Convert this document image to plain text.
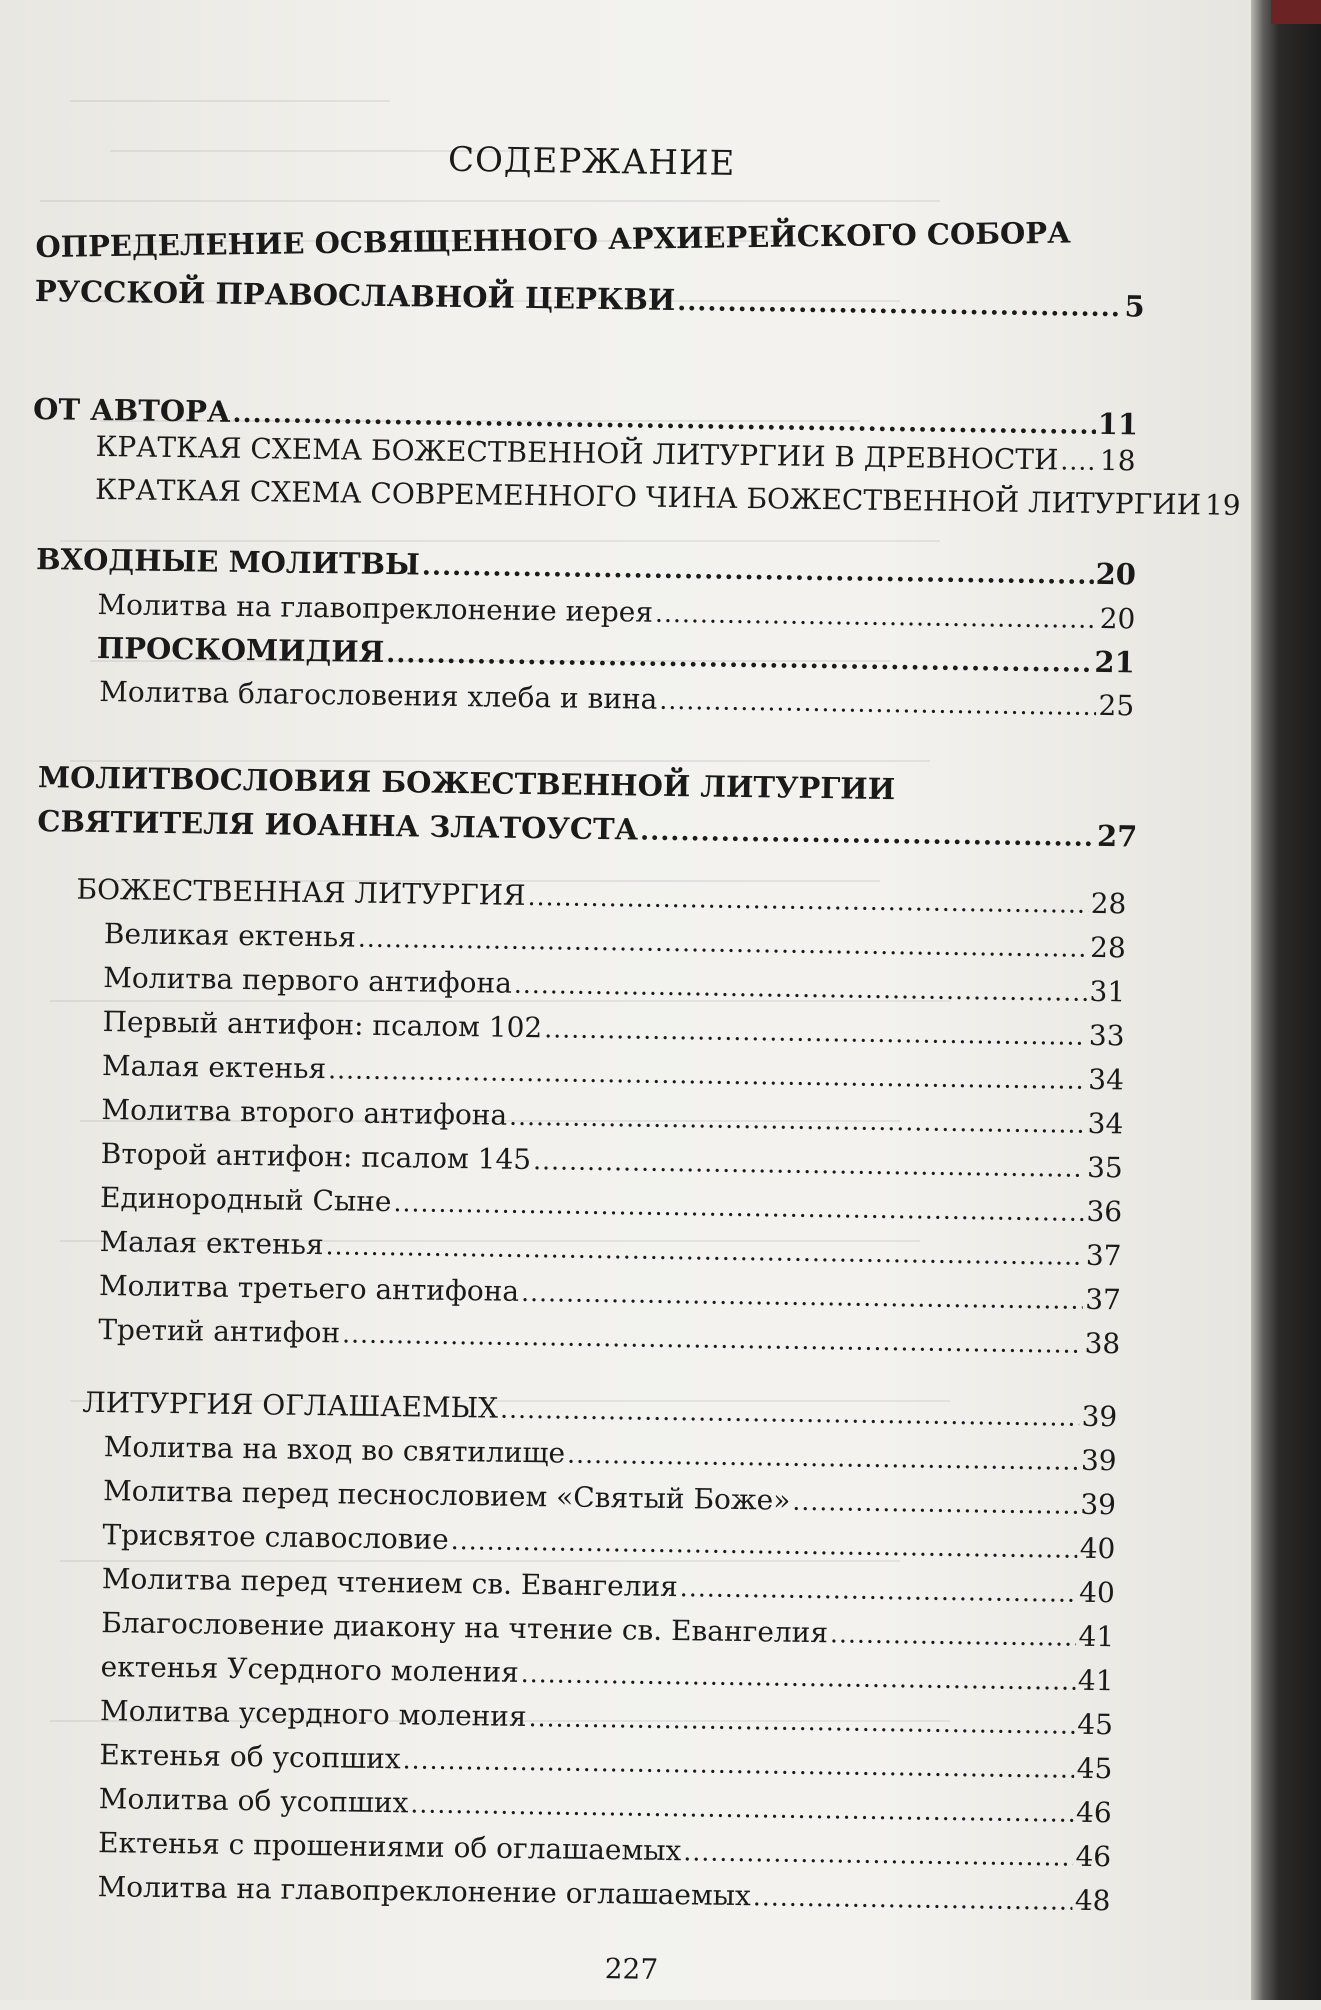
СОДЕРЖАНИЕ
ОПРЕДЕЛЕНИЕ ОСВЯЩЕННОГО АРХИЕРЕЙСКОГО СОБОРА
РУССКОЙ ПРАВОСЛАВНОЙ ЦЕРКВИ .....	5
ОТ АВТОРА .....	11
КРАТКАЯ СХЕМА БОЖЕСТВЕННОЙ ЛИТУРГИИ В ДРЕВНОСТИ ..... 18
КРАТКАЯ СХЕМА СОВРЕМЕННОГО ЧИНА БОЖЕСТВЕННОЙ ЛИТУРГИИ ..... 19
ВХОДНЫЕ МОЛИТВЫ .....	20
Молитва на главопреклонение иерея .....	20
ПРОСКОМИДИЯ .....	21
Молитва благословения хлеба и вина .....	25
МОЛИТВОСЛОВИЯ БОЖЕСТВЕННОЙ ЛИТУРГИИ
СВЯТИТЕЛЯ ИОАННА ЗЛАТОУСТА .....	27
БОЖЕСТВЕННАЯ ЛИТУРГИЯ .....	28
Великая ектенья .....	28
Молитва первого антифона .....	31
Первый антифон: псалом 102 .....	33
Малая ектенья .....	34
Молитва второго антифона .....	34
Второй антифон: псалом 145 .....	35
Единородный Сыне .....	36
Малая ектенья .....	37
Молитва третьего антифона .....	37
Третий антифон .....	38
ЛИТУРГИЯ ОГЛАШАЕМЫХ .....	39
Молитва на вход во святилище .....	39
Молитва перед песнословием «Святый Боже» .....	39
Трисвятое славословие .....	40
Молитва перед чтением св. Евангелия .....	40
Благословение диакону на чтение св. Евангелия .....	41
ектенья Усердного моления .....	41
Молитва усердного моления .....	45
Ектенья об усопших .....	45
Молитва об усопших .....	46
Ектенья с прошениями об оглашаемых .....	46
Молитва на главопреклонение оглашаемых .....	48
227
